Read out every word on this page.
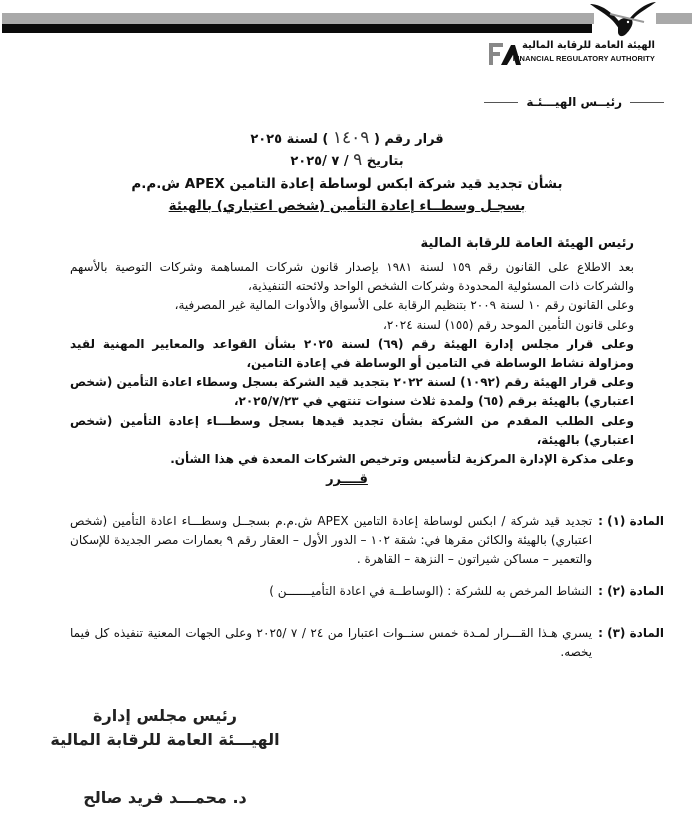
الهيئة العامة للرقابة المالية
FINANCIAL REGULATORY AUTHORITY
رئيــس الهيـــئـة
قرار رقم ( ١٤٠٩ ) لسنة ٢٠٢٥
بتاريخ ٩ / ٧ /٢٠٢٥
بشأن تجديد قيد شركة ابكس لوساطة إعادة التامين APEX ش.م.م
بسجـل وسطــاء إعادة التأمين (شخص اعتباري) بالهيئة
رئيس الهيئة العامة للرقابة المالية

بعد الاطلاع على القانون رقم ١٥٩ لسنة ١٩٨١ بإصدار قانون شركات المساهمة وشركات التوصية بالأسهم والشركات ذات المسئولية المحدودة وشركات الشخص الواحد ولائحته التنفيذية،

وعلى القانون رقم ١٠ لسنة ٢٠٠٩ بتنظيم الرقابة على الأسواق والأدوات المالية غير المصرفية،

وعلى قانون التأمين الموحد رقم (١٥٥) لسنة ٢٠٢٤،

وعلى قرار مجلس إدارة الهيئة رقم (٦٩) لسنة ٢٠٢٥ بشأن القواعد والمعايير المهنية لقيد ومزاولة نشاط الوساطة في التامين أو الوساطة في إعادة التامين،

وعلى قرار الهيئة رقم (١٠٩٢) لسنة ٢٠٢٢ بتجديد قيد الشركة بسجل وسطاء اعادة التأمين (شخص اعتباري) بالهيئة برقم (٦٥) ولمدة ثلاث سنوات تنتهي في ٢٠٢٥/٧/٢٣،

وعلى الطلب المقدم من الشركة بشأن تجديد قيدها بسجل وسطـــاء إعادة التأمين (شخص اعتباري) بالهيئة،

وعلى مذكرة الإدارة المركزية لتأسيس وترخيص الشركات المعدة في هذا الشأن.

قــــرر
المادة (١) :
تجديد قيد شركة / ابكس لوساطة إعادة التامين APEX ش.م.م بسجــل وسطـــاء اعادة التأمين (شخص اعتباري) بالهيئة والكائن مقرها في: شقة ١٠٢ – الدور الأول – العقار رقم ٩ بعمارات مصر الجديدة للإسكان والتعمير – مساكن شيراتون – النزهة – القاهرة .
المادة (٢) :
النشاط المرخص به للشركة : (الوساطــة في اعادة التأميـــــــن )
المادة (٣) :
يسري هـذا القـــرار لمـدة خمس سنــوات اعتبارا من ٢٤ / ٧ /٢٠٢٥ وعلى الجهات المعنية تنفيذه كل فيما يخصه.
رئيس مجلس إدارة
الهيـــئة العامة للرقابة المالية
د. محمـــد فريد صالح
